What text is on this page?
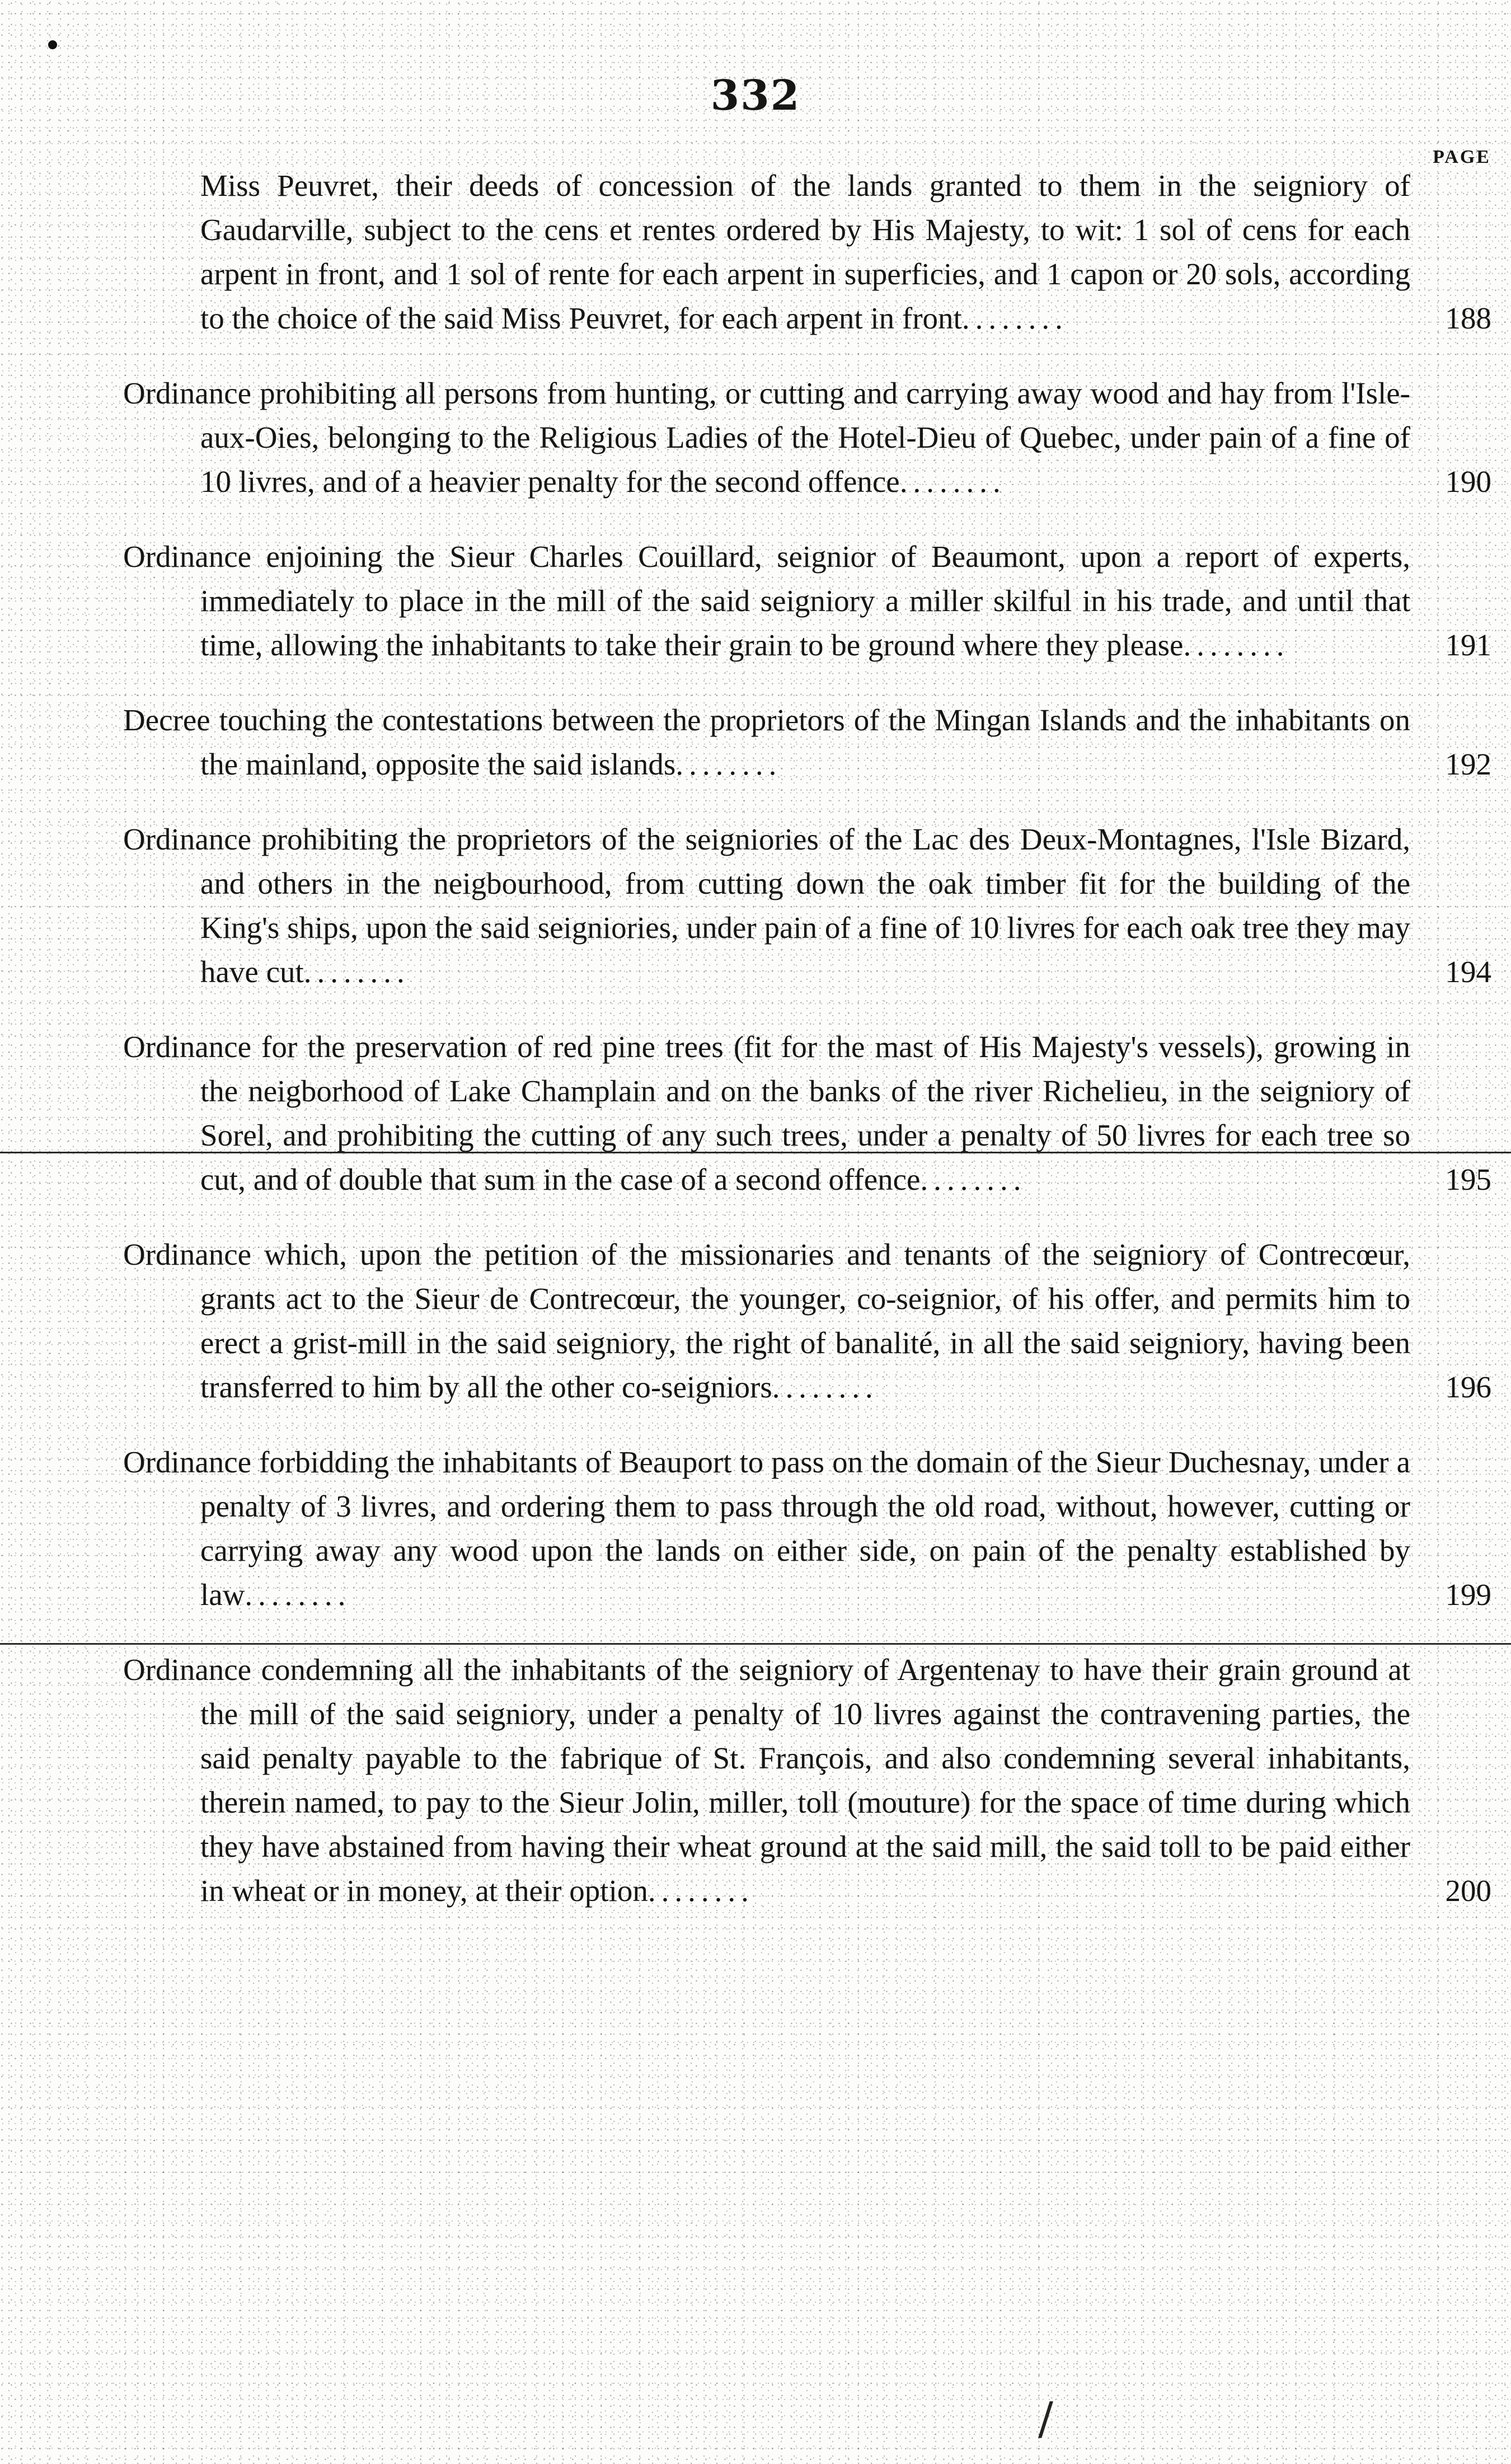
/
332
PAGE

Miss Peuvret, their deeds of concession of the lands granted to them in the seigniory of Gaudarville, subject to the cens et rentes ordered by His Majesty, to wit: 1 sol of cens for each arpent in front, and 1 sol of rente for each arpent in superficies, and 1 capon or 20 sols, according to the choice of the said Miss Peuvret, for each arpent in front........	188

Ordinance prohibiting all persons from hunting, or cutting and carrying away wood and hay from l'Isle-aux-Oies, belonging to the Religious Ladies of the Hotel-Dieu of Quebec, under pain of a fine of 10 livres, and of a heavier penalty for the second offence........	190

Ordinance enjoining the Sieur Charles Couillard, seignior of Beaumont, upon a report of experts, immediately to place in the mill of the said seigniory a miller skilful in his trade, and until that time, allowing the inhabitants to take their grain to be ground where they please........	191

Decree touching the contestations between the proprietors of the Mingan Islands and the inhabitants on the mainland, opposite the said islands........	192

Ordinance prohibiting the proprietors of the seigniories of the Lac des Deux-Montagnes, l'Isle Bizard, and others in the neigbourhood, from cutting down the oak timber fit for the building of the King's ships, upon the said seigniories, under pain of a fine of 10 livres for each oak tree they may have cut........	194

Ordinance for the preservation of red pine trees (fit for the mast of His Majesty's vessels), growing in the neigborhood of Lake Champlain and on the banks of the river Richelieu, in the seigniory of Sorel, and prohibiting the cutting of any such trees, under a penalty of 50 livres for each tree so cut, and of double that sum in the case of a second offence........	195

Ordinance which, upon the petition of the missionaries and tenants of the seigniory of Contrecœur, grants act to the Sieur de Contrecœur, the younger, co-seignior, of his offer, and permits him to erect a grist-mill in the said seigniory, the right of banalité, in all the said seigniory, having been transferred to him by all the other co-seigniors........	196

Ordinance forbidding the inhabitants of Beauport to pass on the domain of the Sieur Duchesnay, under a penalty of 3 livres, and ordering them to pass through the old road, without, however, cutting or carrying away any wood upon the lands on either side, on pain of the penalty established by law........	199

Ordinance condemning all the inhabitants of the seigniory of Argentenay to have their grain ground at the mill of the said seigniory, under a penalty of 10 livres against the contravening parties, the said penalty payable to the fabrique of St. François, and also condemning several inhabitants, therein named, to pay to the Sieur Jolin, miller, toll (mouture) for the space of time during which they have abstained from having their wheat ground at the said mill, the said toll to be paid either in wheat or in money, at their option........	200
